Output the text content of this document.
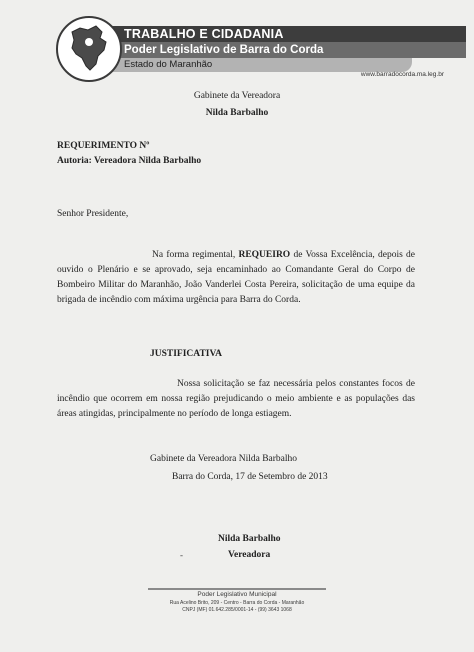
TRABALHO E CIDADANIA
Poder Legislativo de Barra do Corda
Estado do Maranhão
www.barradocorda.ma.leg.br
Gabinete da Vereadora
Nilda Barbalho
REQUERIMENTO Nº
Autoria: Vereadora Nilda Barbalho
Senhor Presidente,
Na forma regimental, REQUEIRO de Vossa Excelência, depois de ouvido o Plenário e se aprovado, seja encaminhado ao Comandante Geral do Corpo de Bombeiro Militar do Maranhão, João Vanderlei Costa Pereira, solicitação de uma equipe da brigada de incêndio com máxima urgência para Barra do Corda.
JUSTIFICATIVA
Nossa solicitação se faz necessária pelos constantes focos de incêndio que ocorrem em nossa região prejudicando o meio ambiente e as populações das áreas atingidas, principalmente no período de longa estiagem.
Gabinete da Vereadora Nilda Barbalho
Barra do Corda, 17 de Setembro de 2013
Nilda Barbalho
-	Vereadora
Poder Legislativo Municipal
Rua Acelino Brito, 209 - Centro - Barra do Corda - Maranhão
CNPJ (MF) 01.642.285/0001-14 - (99) 3643 1068
